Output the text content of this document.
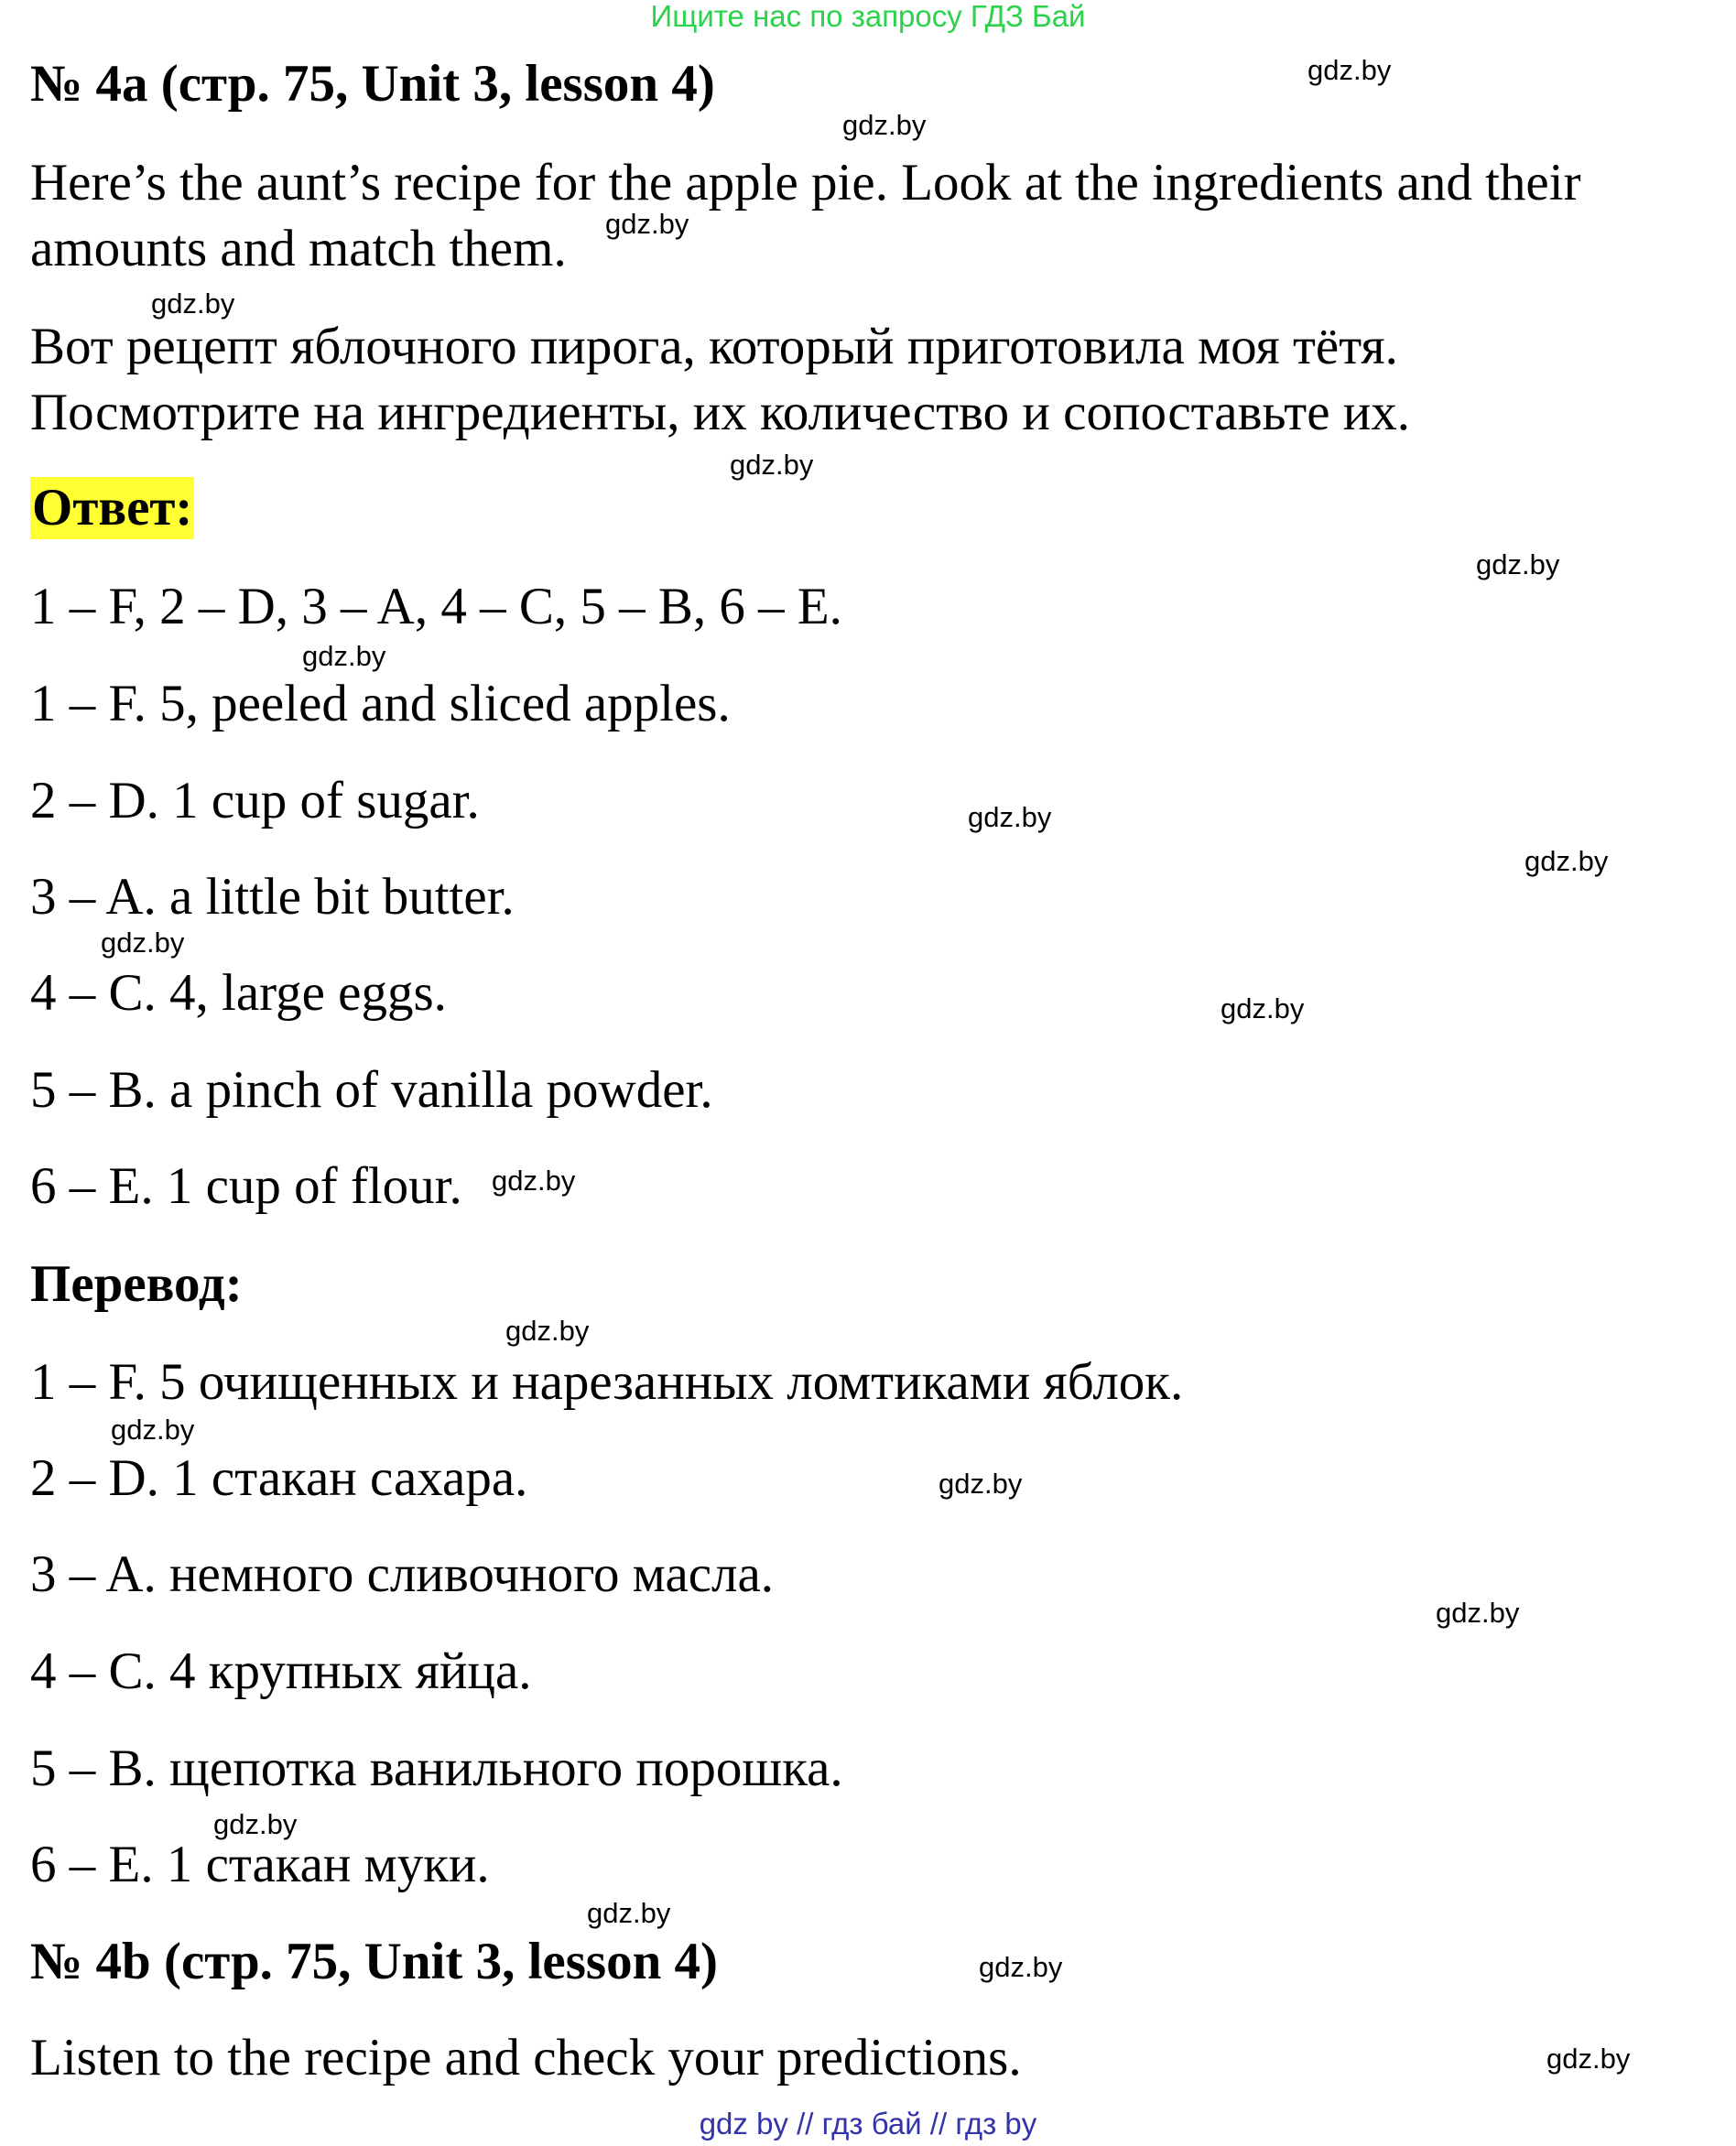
Ищите нас по запросу ГДЗ Бай
№ 4a (стр. 75, Unit 3, lesson 4)
Here’s the aunt’s recipe for the apple pie. Look at the ingredients and their
amounts and match them.
Вот рецепт яблочного пирога, который приготовила моя тётя.
Посмотрите на ингредиенты, их количество и сопоставьте их.
Ответ:
1 – F, 2 – D, 3 – A, 4 – C, 5 – B, 6 – E.
1 – F. 5, peeled and sliced apples.
2 – D. 1 cup of sugar.
3 – A. a little bit butter.
4 – C. 4, large eggs.
5 – B. a pinch of vanilla powder.
6 – E. 1 cup of flour.
Перевод:
1 – F. 5 очищенных и нарезанных ломтиками яблок.
2 – D. 1 стакан сахара.
3 – A. немного сливочного масла.
4 – C. 4 крупных яйца.
5 – B. щепотка ванильного порошка.
6 – E. 1 стакан муки.
№ 4b (стр. 75, Unit 3, lesson 4)
Listen to the recipe and check your predictions.
gdz.by
gdz.by
gdz.by
gdz.by
gdz.by
gdz.by
gdz.by
gdz.by
gdz.by
gdz.by
gdz.by
gdz.by
gdz.by
gdz.by
gdz.by
gdz.by
gdz.by
gdz.by
gdz.by
gdz.by
gdz by // гдз бай // гдз by
